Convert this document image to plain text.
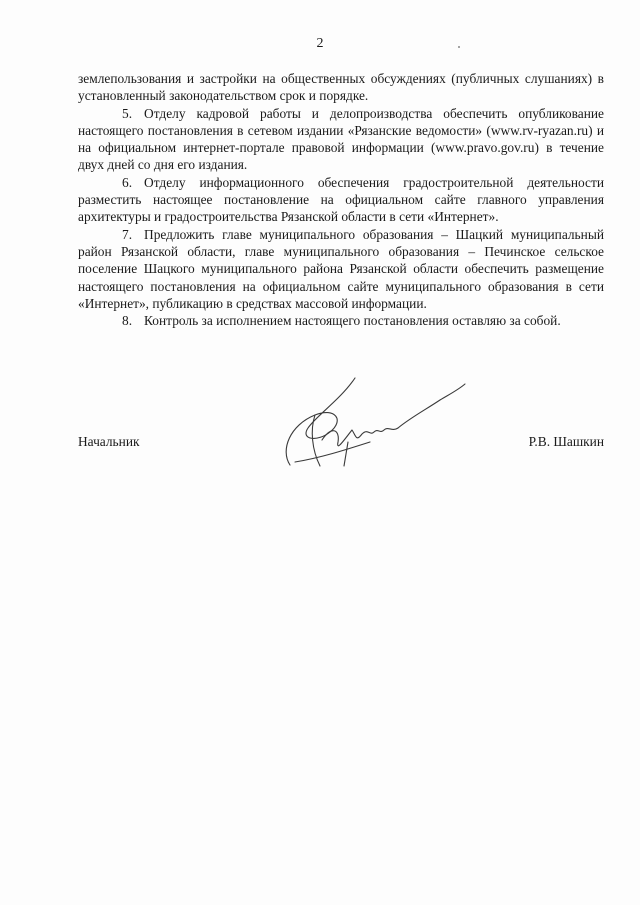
2

землепользования и застройки на общественных обсуждениях (публичных слушаниях) в установленный законодательством срок и порядке.

5. Отделу кадровой работы и делопроизводства обеспечить опубликование настоящего постановления в сетевом издании «Рязанские ведомости» (www.rv-ryazan.ru) и на официальном интернет-портале правовой информации (www.pravo.gov.ru) в течение двух дней со дня его издания.

6. Отделу информационного обеспечения градостроительной деятельности разместить настоящее постановление на официальном сайте главного управления архитектуры и градостроительства Рязанской области в сети «Интернет».

7. Предложить главе муниципального образования – Шацкий муниципальный район Рязанской области, главе муниципального образования – Печинское сельское поселение Шацкого муниципального района Рязанской области обеспечить размещение настоящего постановления на официальном сайте муниципального образования в сети «Интернет», публикацию в средствах массовой информации.

8. Контроль за исполнением настоящего постановления оставляю за собой.

Начальник	Р.В. Шашкин
